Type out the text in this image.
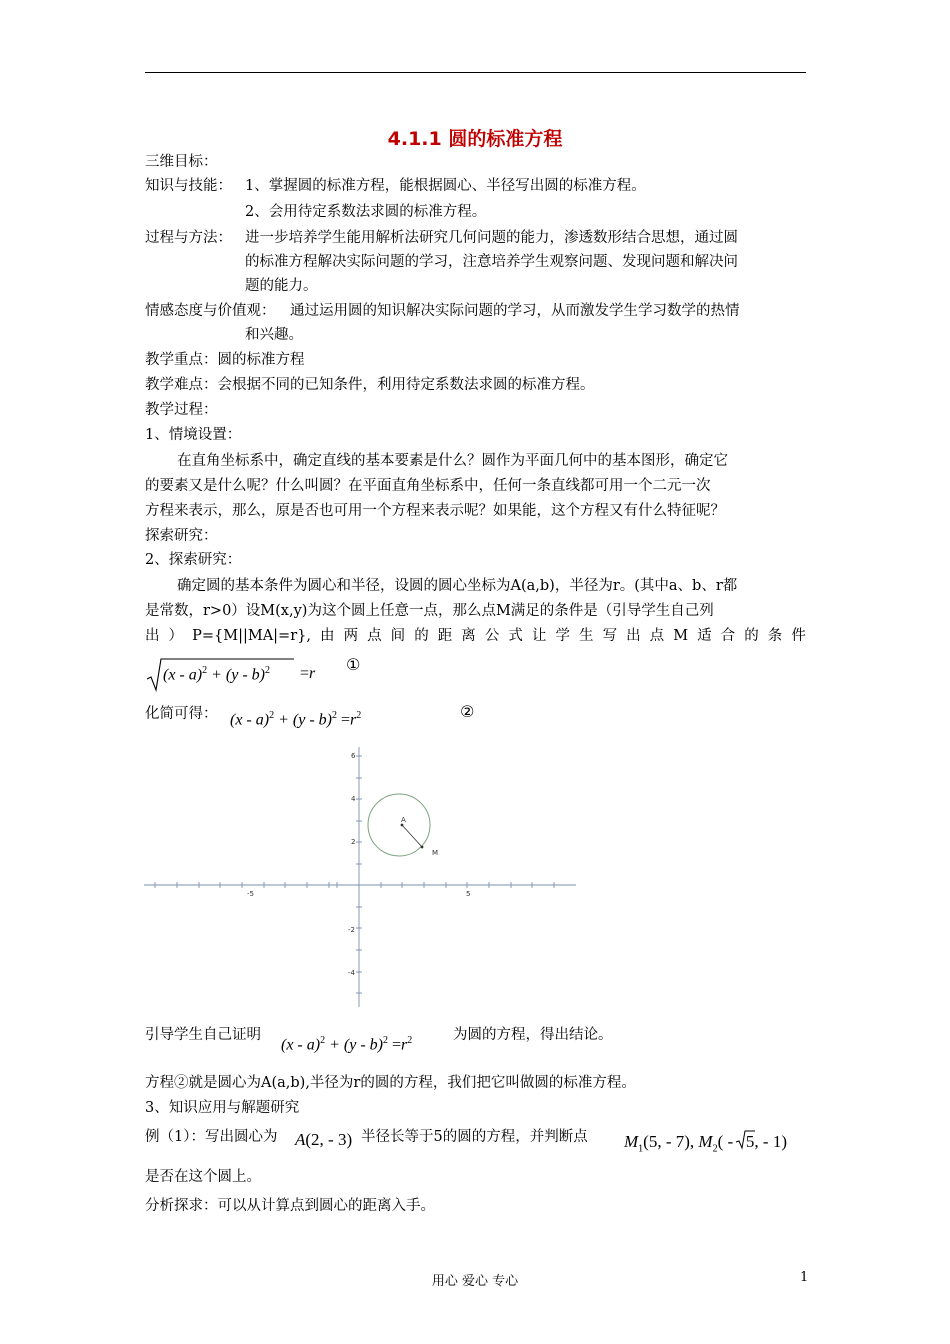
4.1.1 圆的标准方程
三维目标：
知识与技能： 1、掌握圆的标准方程，能根据圆心、半径写出圆的标准方程。
2、会用待定系数法求圆的标准方程。
过程与方法： 进一步培养学生能用解析法研究几何问题的能力，渗透数形结合思想，通过圆
的标准方程解决实际问题的学习，注意培养学生观察问题、发现问题和解决问
题的能力。
情感态度与价值观： 通过运用圆的知识解决实际问题的学习，从而激发学生学习数学的热情
和兴趣。
教学重点：圆的标准方程
教学难点：会根据不同的已知条件，利用待定系数法求圆的标准方程。
教学过程：
1、情境设置：
在直角坐标系中，确定直线的基本要素是什么？圆作为平面几何中的基本图形，确定它
的要素又是什么呢？什么叫圆？在平面直角坐标系中，任何一条直线都可用一个二元一次
方程来表示，那么，原是否也可用一个方程来表示呢？如果能，这个方程又有什么特征呢？
探索研究：
2、探索研究：
确定圆的基本条件为圆心和半径，设圆的圆心坐标为A(a,b)，半径为r。(其中a、b、r都
是常数，r>0）设M(x,y)为这个圆上任意一点，那么点M满足的条件是（引导学生自己列
出 ） P={M||MA|=r}, 由 两 点 间 的 距 离 公 式 让 学 生 写 出 点 M 适 合 的 条 件
(x - a)$^2$ + (y - b)$^2$ =r ①
化简可得： $(x - a)^2 + (y - b)^2 =r^2$	②
-5	5
6
4
2
-2
-4
A
M
引导学生自己证明
$(x - a)^2 + (y - b)^2 =r^2$	为圆的方程，得出结论。
方程②就是圆心为A(a,b),半径为r的圆的方程，我们把它叫做圆的标准方程。
3、知识应用与解题研究
例（1）：写出圆心为 A(2, - 3) 半径长等于5的圆的方程，并判断点 $M_1(5$, - 7), $M_2$( -
5, - 1)
是否在这个圆上。
分析探求：可以从计算点到圆心的距离入手。
用心 爱心 专心	1
